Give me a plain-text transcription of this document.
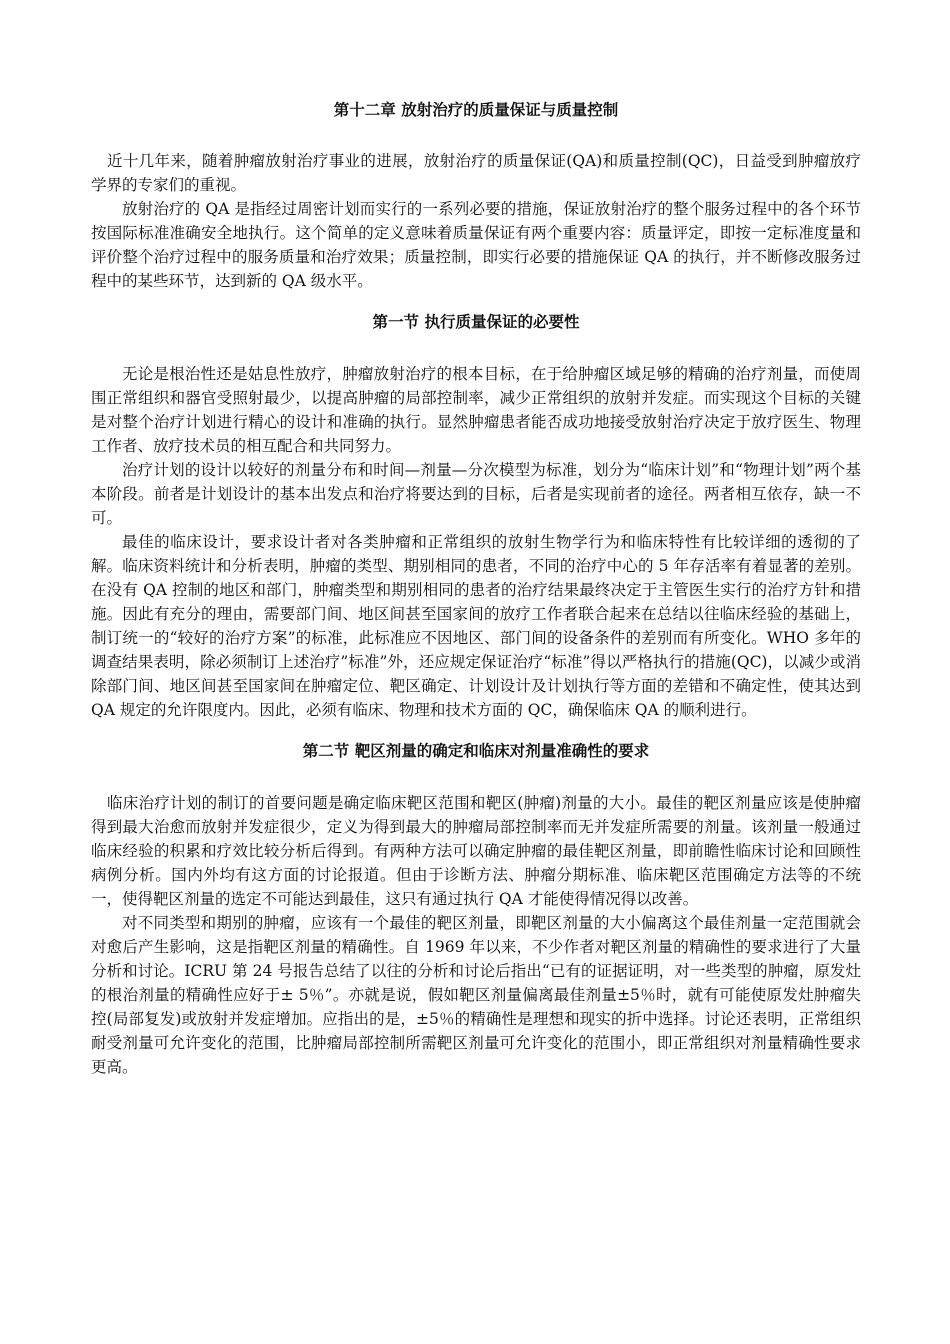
第十二章 放射治疗的质量保证与质量控制

近十几年来，随着肿瘤放射治疗事业的进展，放射治疗的质量保证(QA)和质量控制(QC)，日益受到肿瘤放疗学界的专家们的重视。

放射治疗的 QA 是指经过周密计划而实行的一系列必要的措施，保证放射治疗的整个服务过程中的各个环节按国际标准准确安全地执行。这个简单的定义意味着质量保证有两个重要内容：质量评定，即按一定标准度量和评价整个治疗过程中的服务质量和治疗效果；质量控制，即实行必要的措施保证 QA 的执行，并不断修改服务过程中的某些环节，达到新的 QA 级水平。

第一节 执行质量保证的必要性

无论是根治性还是姑息性放疗，肿瘤放射治疗的根本目标，在于给肿瘤区域足够的精确的治疗剂量，而使周围正常组织和器官受照射最少，以提高肿瘤的局部控制率，减少正常组织的放射并发症。而实现这个目标的关键是对整个治疗计划进行精心的设计和准确的执行。显然肿瘤患者能否成功地接受放射治疗决定于放疗医生、物理工作者、放疗技术员的相互配合和共同努力。

治疗计划的设计以较好的剂量分布和时间—剂量—分次模型为标准，划分为“临床计划”和“物理计划”两个基本阶段。前者是计划设计的基本出发点和治疗将要达到的目标，后者是实现前者的途径。两者相互依存，缺一不可。

最佳的临床设计，要求设计者对各类肿瘤和正常组织的放射生物学行为和临床特性有比较详细的透彻的了解。临床资料统计和分析表明，肿瘤的类型、期别相同的患者，不同的治疗中心的 5 年存活率有着显著的差别。在没有 QA 控制的地区和部门，肿瘤类型和期别相同的患者的治疗结果最终决定于主管医生实行的治疗方针和措施。因此有充分的理由，需要部门间、地区间甚至国家间的放疗工作者联合起来在总结以往临床经验的基础上，制订统一的“较好的治疗方案”的标准，此标准应不因地区、部门间的设备条件的差别而有所变化。WHO 多年的调查结果表明，除必须制订上述治疗”标准”外，还应规定保证治疗“标准”得以严格执行的措施(QC)，以减少或消除部门间、地区间甚至国家间在肿瘤定位、靶区确定、计划设计及计划执行等方面的差错和不确定性，使其达到 QA 规定的允许限度内。因此，必须有临床、物理和技术方面的 QC，确保临床 QA 的顺利进行。

第二节 靶区剂量的确定和临床对剂量准确性的要求

临床治疗计划的制订的首要问题是确定临床靶区范围和靶区(肿瘤)剂量的大小。最佳的靶区剂量应该是使肿瘤得到最大治愈而放射并发症很少，定义为得到最大的肿瘤局部控制率而无并发症所需要的剂量。该剂量一般通过临床经验的积累和疗效比较分析后得到。有两种方法可以确定肿瘤的最佳靶区剂量，即前瞻性临床讨论和回顾性病例分析。国内外均有这方面的讨论报道。但由于诊断方法、肿瘤分期标准、临床靶区范围确定方法等的不统一，使得靶区剂量的选定不可能达到最佳，这只有通过执行 QA 才能使得情况得以改善。

对不同类型和期别的肿瘤，应该有一个最佳的靶区剂量，即靶区剂量的大小偏离这个最佳剂量一定范围就会对愈后产生影响，这是指靶区剂量的精确性。自 1969 年以来，不少作者对靶区剂量的精确性的要求进行了大量分析和讨论。ICRU 第 24 号报告总结了以往的分析和讨论后指出“已有的证据证明，对一些类型的肿瘤，原发灶的根治剂量的精确性应好于± 5％”。亦就是说，假如靶区剂量偏离最佳剂量±5％时，就有可能使原发灶肿瘤失控(局部复发)或放射并发症增加。应指出的是，±5％的精确性是理想和现实的折中选择。讨论还表明，正常组织耐受剂量可允许变化的范围，比肿瘤局部控制所需靶区剂量可允许变化的范围小，即正常组织对剂量精确性要求更高。
